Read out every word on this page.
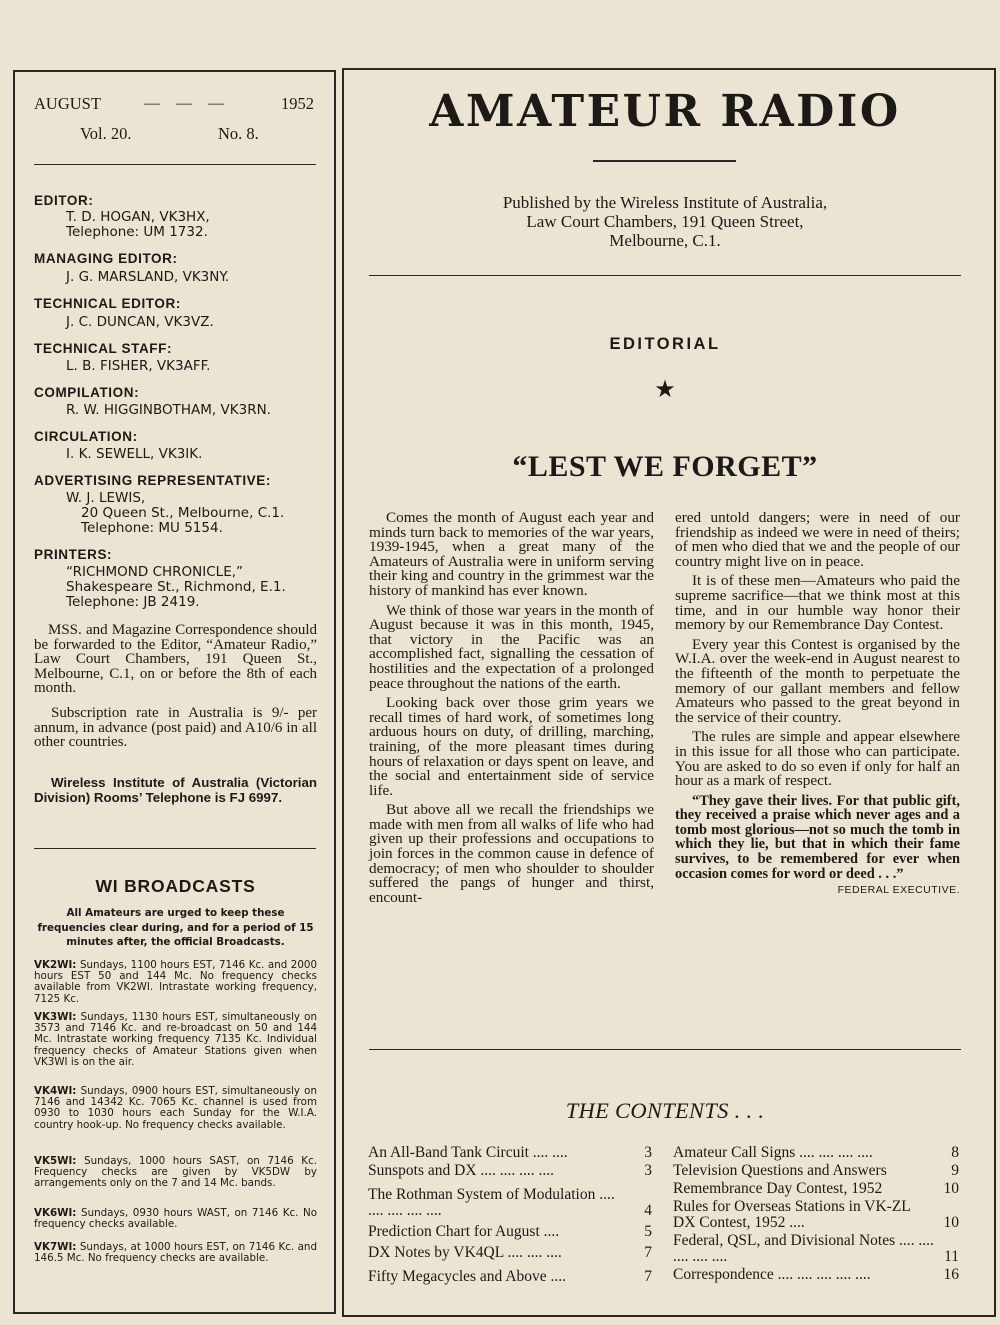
AUGUST	— — —	1952
Vol. 20.	No. 8.
EDITOR:
T. D. HOGAN, VK3HX,
Telephone: UM 1732.
MANAGING EDITOR:
J. G. MARSLAND, VK3NY.
TECHNICAL EDITOR:
J. C. DUNCAN, VK3VZ.
TECHNICAL STAFF:
L. B. FISHER, VK3AFF.
COMPILATION:
R. W. HIGGINBOTHAM, VK3RN.
CIRCULATION:
I. K. SEWELL, VK3IK.
ADVERTISING REPRESENTATIVE:
W. J. LEWIS,
20 Queen St., Melbourne, C.1.
Telephone: MU 5154.
PRINTERS:
“RICHMOND CHRONICLE,”
Shakespeare St., Richmond, E.1.
Telephone: JB 2419.
MSS. and Magazine Correspondence should be forwarded to the Editor, “Amateur Radio,” Law Court Chambers, 191 Queen St., Melbourne, C.1, on or before the 8th of each month.
Subscription rate in Australia is 9/- per annum, in advance (post paid) and A10/6 in all other countries.
Wireless Institute of Australia (Victorian Division) Rooms’ Telephone is FJ 6997.
WI BROADCASTS
All Amateurs are urged to keep these frequencies clear during, and for a period of 15 minutes after, the official Broadcasts.
VK2WI: Sundays, 1100 hours EST, 7146 Kc. and 2000 hours EST 50 and 144 Mc. No frequency checks available from VK2WI. Intrastate working frequency, 7125 Kc.
VK3WI: Sundays, 1130 hours EST, simultaneously on 3573 and 7146 Kc. and re-broadcast on 50 and 144 Mc. Intrastate working frequency 7135 Kc. Individual frequency checks of Amateur Stations given when VK3WI is on the air.
VK4WI: Sundays, 0900 hours EST, simultaneously on 7146 and 14342 Kc. 7065 Kc. channel is used from 0930 to 1030 hours each Sunday for the W.I.A. country hook-up. No frequency checks available.
VK5WI: Sundays, 1000 hours SAST, on 7146 Kc. Frequency checks are given by VK5DW by arrangements only on the 7 and 14 Mc. bands.
VK6WI: Sundays, 0930 hours WAST, on 7146 Kc. No frequency checks available.
VK7WI: Sundays, at 1000 hours EST, on 7146 Kc. and 146.5 Mc. No frequency checks are available.
AMATEUR RADIO
Published by the Wireless Institute of Australia,
Law Court Chambers, 191 Queen Street,
Melbourne, C.1.
EDITORIAL
★
“LEST WE FORGET”

Comes the month of August each year and minds turn back to memories of the war years, 1939-1945, when a great many of the Amateurs of Australia were in uniform serving their king and country in the grimmest war the history of mankind has ever known.

We think of those war years in the month of August because it was in this month, 1945, that victory in the Pacific was an accomplished fact, signalling the cessation of hostilities and the expectation of a prolonged peace throughout the nations of the earth.

Looking back over those grim years we recall times of hard work, of sometimes long arduous hours on duty, of drilling, marching, training, of the more pleasant times during hours of relaxation or days spent on leave, and the social and entertainment side of service life.

But above all we recall the friendships we made with men from all walks of life who had given up their professions and occupations to join forces in the common cause in defence of democracy; of men who shoulder to shoulder suffered the pangs of hunger and thirst, encount-

ered untold dangers; were in need of our friendship as indeed we were in need of theirs; of men who died that we and the people of our country might live on in peace.

It is of these men—Amateurs who paid the supreme sacrifice—that we think most at this time, and in our humble way honor their memory by our Remembrance Day Contest.

Every year this Contest is organised by the W.I.A. over the week-end in August nearest to the fifteenth of the month to perpetuate the memory of our gallant members and fellow Amateurs who passed to the great beyond in the service of their country.

The rules are simple and appear elsewhere in this issue for all those who can participate. You are asked to do so even if only for half an hour as a mark of respect.

“They gave their lives. For that public gift, they received a praise which never ages and a tomb most glorious—not so much the tomb in which they lie, but that in which their fame survives, to be remembered for ever when occasion comes for word or deed . . .”

FEDERAL EXECUTIVE.
THE CONTENTS . . .
An All-Band Tank Circuit .... ....	3
Sunspots and DX .... .... .... ....	3
The Rothman System of Modulation .... .... .... .... ....	4
Prediction Chart for August ....	5
DX Notes by VK4QL .... .... ....	7
Fifty Megacycles and Above ....	7
Amateur Call Signs .... .... .... ....	8
Television Questions and Answers	9
Remembrance Day Contest, 1952	10
Rules for Overseas Stations in VK-ZL DX Contest, 1952 ....	10
Federal, QSL, and Divisional Notes .... .... .... .... ....	11
Correspondence .... .... .... .... ....	16
